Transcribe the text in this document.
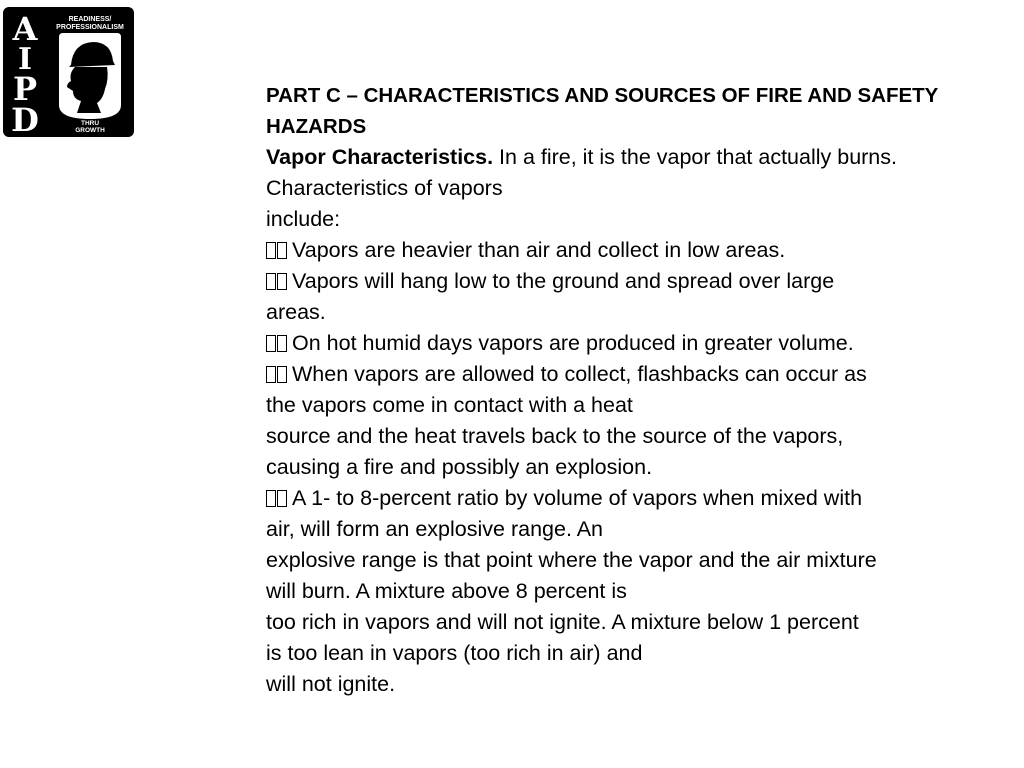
A
I
P
D
READINESS/
PROFESSIONALISM
THRU
GROWTH
PART C – CHARACTERISTICS AND SOURCES OF FIRE AND SAFETY
HAZARDS
Vapor Characteristics. In a fire, it is the vapor that actually burns.
Characteristics of vapors
include:
Vapors are heavier than air and collect in low areas.
Vapors will hang low to the ground and spread over large
areas.
On hot humid days vapors are produced in greater volume.
When vapors are allowed to collect, flashbacks can occur as
the vapors come in contact with a heat
source and the heat travels back to the source of the vapors,
causing a fire and possibly an explosion.
A 1- to 8-percent ratio by volume of vapors when mixed with
air, will form an explosive range. An
explosive range is that point where the vapor and the air mixture
will burn. A mixture above 8 percent is
too rich in vapors and will not ignite. A mixture below 1 percent
is too lean in vapors (too rich in air) and
will not ignite.
